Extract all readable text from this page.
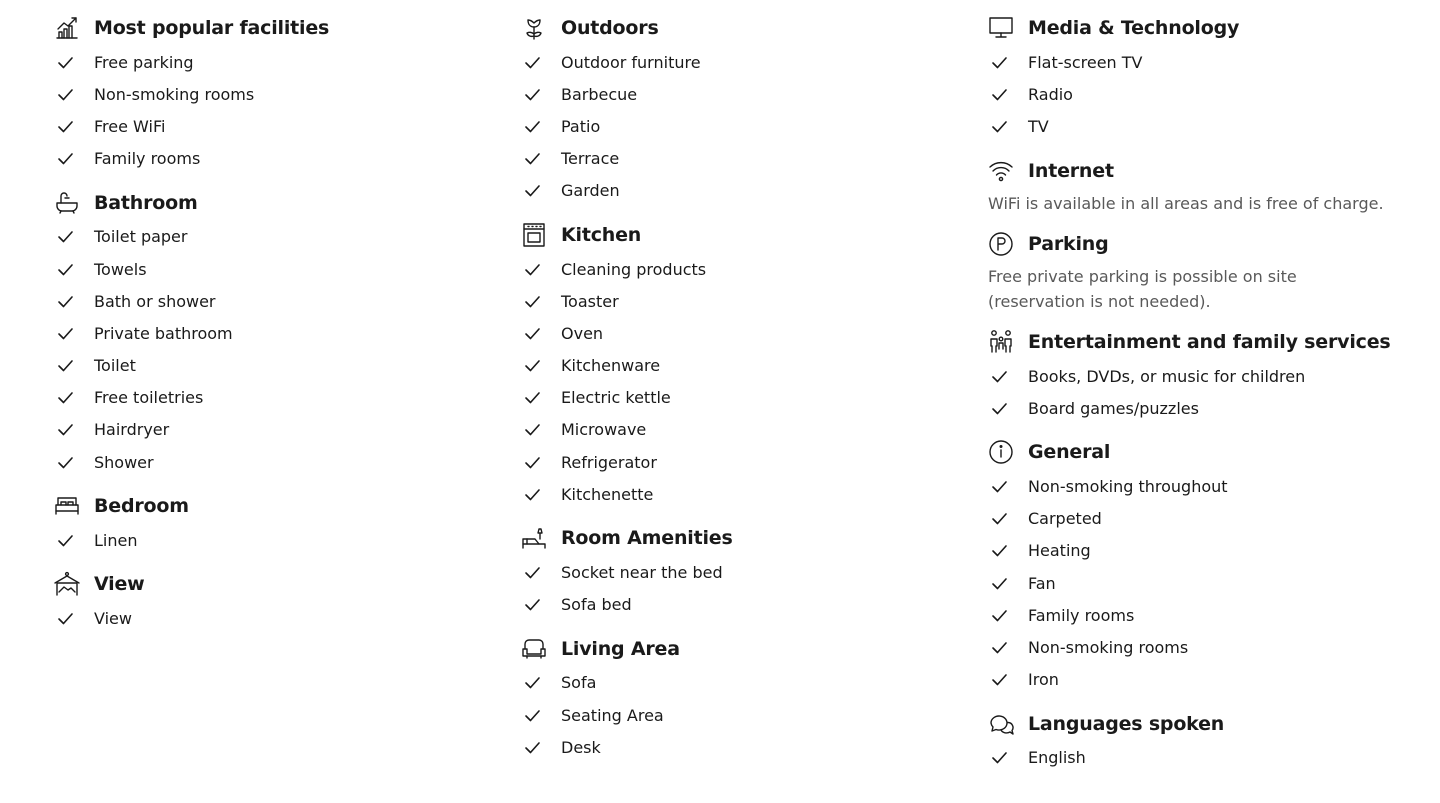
Most popular facilities
Free parking
Non-smoking rooms
Free WiFi
Family rooms
Bathroom
Toilet paper
Towels
Bath or shower
Private bathroom
Toilet
Free toiletries
Hairdryer
Shower
Bedroom
Linen
View
View
Outdoors
Outdoor furniture
Barbecue
Patio
Terrace
Garden
Kitchen
Cleaning products
Toaster
Oven
Kitchenware
Electric kettle
Microwave
Refrigerator
Kitchenette
Room Amenities
Socket near the bed
Sofa bed
Living Area
Sofa
Seating Area
Desk
Media & Technology
Flat-screen TV
Radio
TV
Internet
WiFi is available in all areas and is free of charge.
Parking
Free private parking is possible on site (reservation is not needed).
Entertainment and family services
Books, DVDs, or music for children
Board games/puzzles
General
Non-smoking throughout
Carpeted
Heating
Fan
Family rooms
Non-smoking rooms
Iron
Languages spoken
English
